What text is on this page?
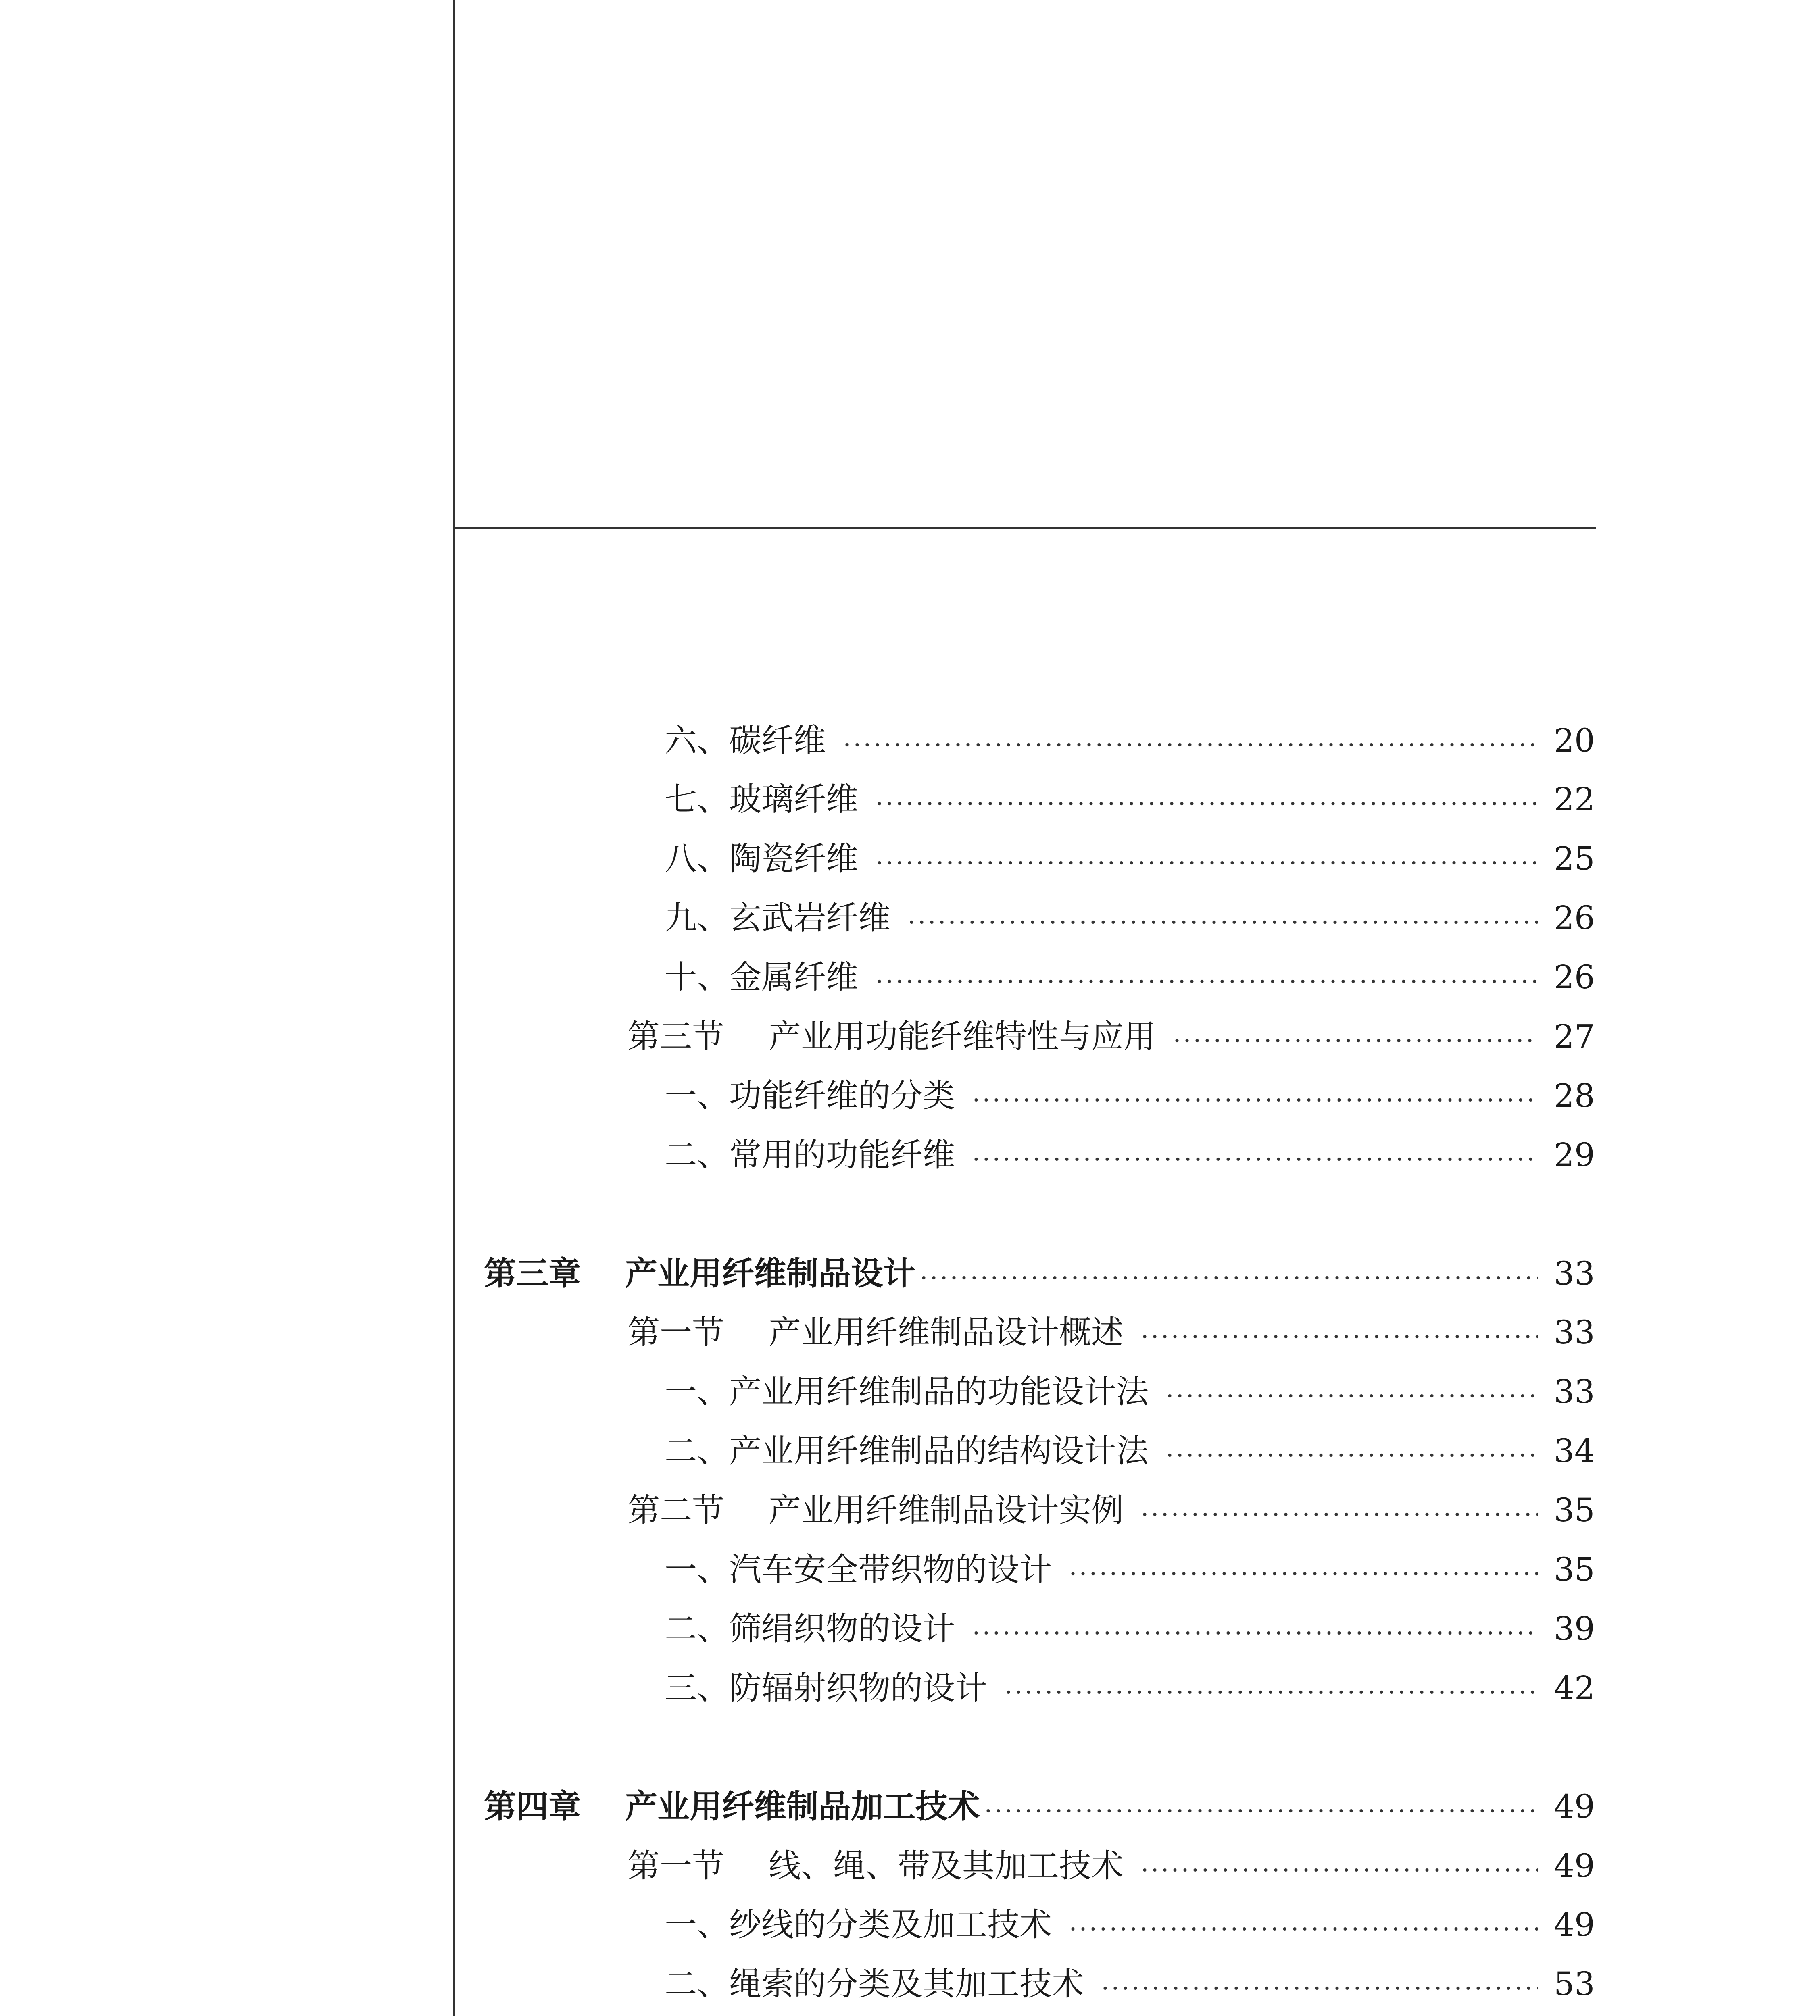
六、碳纤维	20
七、玻璃纤维	22
八、陶瓷纤维	25
九、玄武岩纤维	26
十、金属纤维	26
第三节	产业用功能纤维特性与应用	27
一、功能纤维的分类	28
二、常用的功能纤维	29
第三章	产业用纤维制品设计	33
第一节	产业用纤维制品设计概述	33
一、产业用纤维制品的功能设计法	33
二、产业用纤维制品的结构设计法	34
第二节	产业用纤维制品设计实例	35
一、汽车安全带织物的设计	35
二、筛绢织物的设计	39
三、防辐射织物的设计	42
第四章	产业用纤维制品加工技术	49
第一节	线、绳、带及其加工技术	49
一、纱线的分类及加工技术	49
二、绳索的分类及其加工技术	53
